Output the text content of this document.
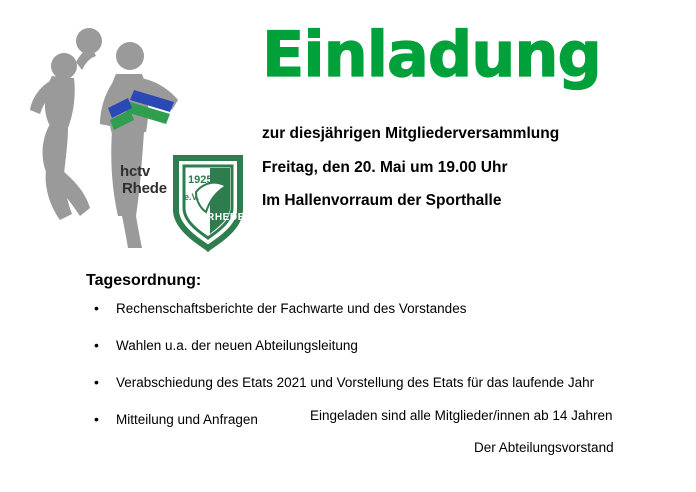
hctv
Rhede 1925
e.V.
RHEDE
Einladung
zur diesjährigen Mitgliederversammlung
Freitag, den 20. Mai um 19.00 Uhr
Im Hallenvorraum der Sporthalle
Tagesordnung:
• Rechenschaftsberichte der Fachwarte und des Vorstandes
• Wahlen u.a. der neuen Abteilungsleitung
• Verabschiedung des Etats 2021 und Vorstellung des Etats für das laufende Jahr
• Mitteilung und Anfragen	Eingeladen sind alle Mitglieder/innen ab 14 Jahren
Der Abteilungsvorstand
